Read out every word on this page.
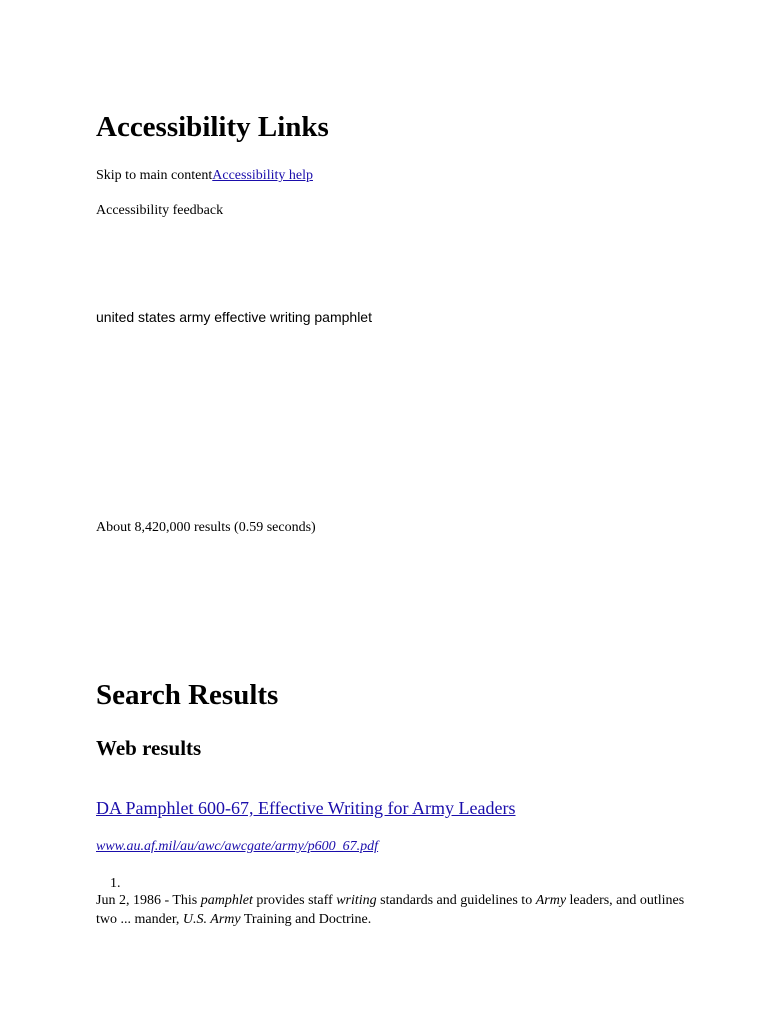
Accessibility Links
Skip to main contentAccessibility help
Accessibility feedback
united states army effective writing pamphlet
About 8,420,000 results (0.59 seconds)
Search Results
Web results
DA Pamphlet 600-67, Effective Writing for Army Leaders
www.au.af.mil/au/awc/awcgate/army/p600_67.pdf
1.
Jun 2, 1986 - This pamphlet provides staff writing standards and guidelines to Army leaders, and outlines two ... mander, U.S. Army Training and Doctrine.
